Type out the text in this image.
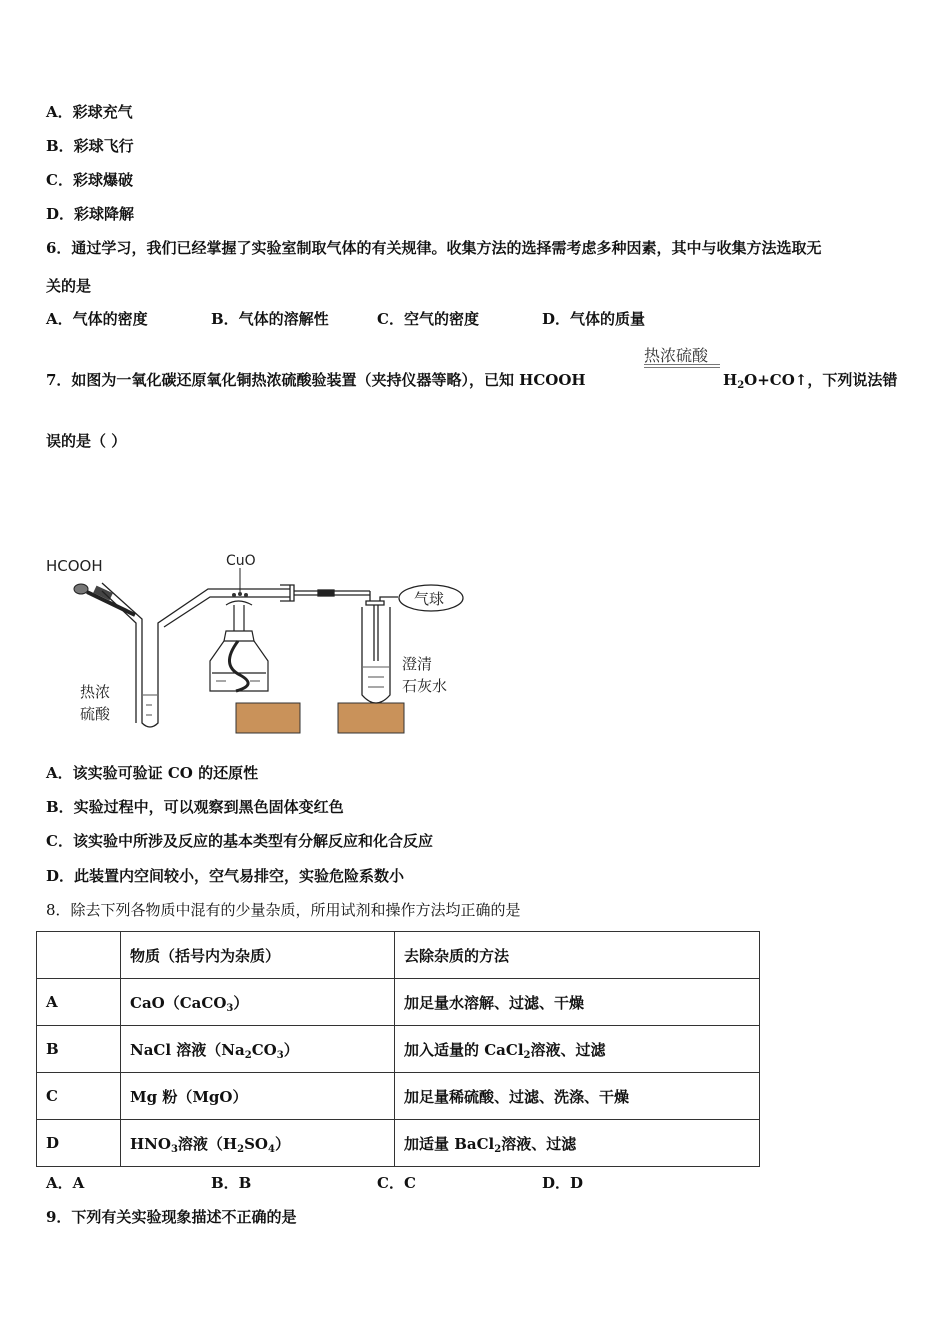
A．彩球充气
B．彩球飞行
C．彩球爆破
D．彩球降解
6．通过学习，我们已经掌握了实验室制取气体的有关规律。收集方法的选择需考虑多种因素，其中与收集方法选取无
关的是
A．气体的密度	B．气体的溶解性	C．空气的密度	D．气体的质量
7．如图为一氧化碳还原氧化铜热浓硫酸验装置（夹持仪器等略），已知 HCOOH
热浓硫酸
$H_2O+CO↑$，下列说法错
误的是（ ）
HCOOH	CuO
热浓
硫酸
澄清
石灰水
气球
A．该实验可验证 CO 的还原性
B．实验过程中，可以观察到黑色固体变红色
C．该实验中所涉及反应的基本类型有分解反应和化合反应
D．此装置内空间较小，空气易排空，实验危险系数小
8．除去下列各物质中混有的少量杂质，所用试剂和操作方法均正确的是
	物质（括号内为杂质）	去除杂质的方法
A	CaO（CaCO$_3$）	加足量水溶解、过滤、干燥
B	NaCl 溶液$(Na_2CO_3)$	加入适量的 CaCl$_2$溶液、过滤
C	Mg 粉（MgO）	加足量稀硫酸、过滤、洗涤、干燥
D	$HNO_3$溶液$(H_2SO_4)$	加适量 BaCl$_2$溶液、过滤
A．A	B．B	C．C	D．D
9．下列有关实验现象描述不正确的是
